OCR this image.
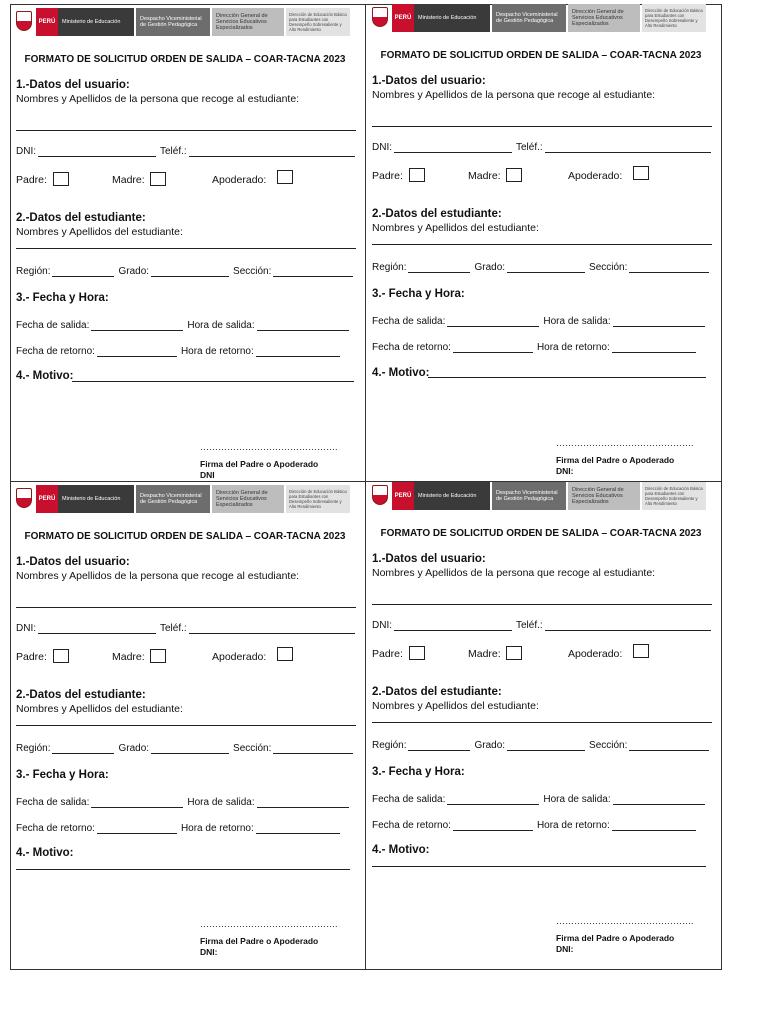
PERÚ	Ministerio de Educación	Despacho Viceministerial de Gestión Pedagógica
Dirección General de Servicios Educativos Especializados
Dirección de Educación Básica para Estudiantes con Desempeño Sobresaliente y Alto Rendimiento
FORMATO DE SOLICITUD ORDEN DE SALIDA – COAR-TACNA 2023
1.-Datos del usuario:
Nombres y Apellidos de la persona que recoge al estudiante:
DNI:	Teléf.:
Padre:	Madre:	Apoderado:
2.-Datos del estudiante:
Nombres y Apellidos del estudiante:
Región:	Grado:	Sección:
3.- Fecha y Hora:
Fecha de salida:	Hora de salida:
Fecha de retorno:	Hora de retorno:
4.- Motivo:
……………………………………….
Firma del Padre o Apoderado
DNI
PERÚ	Ministerio de Educación	Despacho Viceministerial de Gestión Pedagógica
Dirección General de Servicios Educativos Especializados
Dirección de Educación Básica para Estudiantes con Desempeño Sobresaliente y Alto Rendimiento
FORMATO DE SOLICITUD ORDEN DE SALIDA – COAR-TACNA 2023
1.-Datos del usuario:
Nombres y Apellidos de la persona que recoge al estudiante:
DNI:	Teléf.:
Padre:	Madre:	Apoderado:
2.-Datos del estudiante:
Nombres y Apellidos del estudiante:
Región:	Grado:	Sección:
3.- Fecha y Hora:
Fecha de salida:	Hora de salida:
Fecha de retorno:	Hora de retorno:
4.- Motivo:
……………………………………….
Firma del Padre o Apoderado
DNI:
PERÚ	Ministerio de Educación	Despacho Viceministerial de Gestión Pedagógica
Dirección General de Servicios Educativos Especializados
Dirección de Educación Básica para Estudiantes con Desempeño Sobresaliente y Alto Rendimiento
FORMATO DE SOLICITUD ORDEN DE SALIDA – COAR-TACNA 2023
1.-Datos del usuario:
Nombres y Apellidos de la persona que recoge al estudiante:
DNI:	Teléf.:
Padre:	Madre:	Apoderado:
2.-Datos del estudiante:
Nombres y Apellidos del estudiante:
Región:	Grado:	Sección:
3.- Fecha y Hora:
Fecha de salida:	Hora de salida:
Fecha de retorno:	Hora de retorno:
4.- Motivo:
……………………………………….
Firma del Padre o Apoderado
DNI:
PERÚ	Ministerio de Educación	Despacho Viceministerial de Gestión Pedagógica
Dirección General de Servicios Educativos Especializados
Dirección de Educación Básica para Estudiantes con Desempeño Sobresaliente y Alto Rendimiento
FORMATO DE SOLICITUD ORDEN DE SALIDA – COAR-TACNA 2023
1.-Datos del usuario:
Nombres y Apellidos de la persona que recoge al estudiante:
DNI:	Teléf.:
Padre:	Madre:	Apoderado:
2.-Datos del estudiante:
Nombres y Apellidos del estudiante:
Región:	Grado:	Sección:
3.- Fecha y Hora:
Fecha de salida:	Hora de salida:
Fecha de retorno:	Hora de retorno:
4.- Motivo:
……………………………………….
Firma del Padre o Apoderado
DNI:
